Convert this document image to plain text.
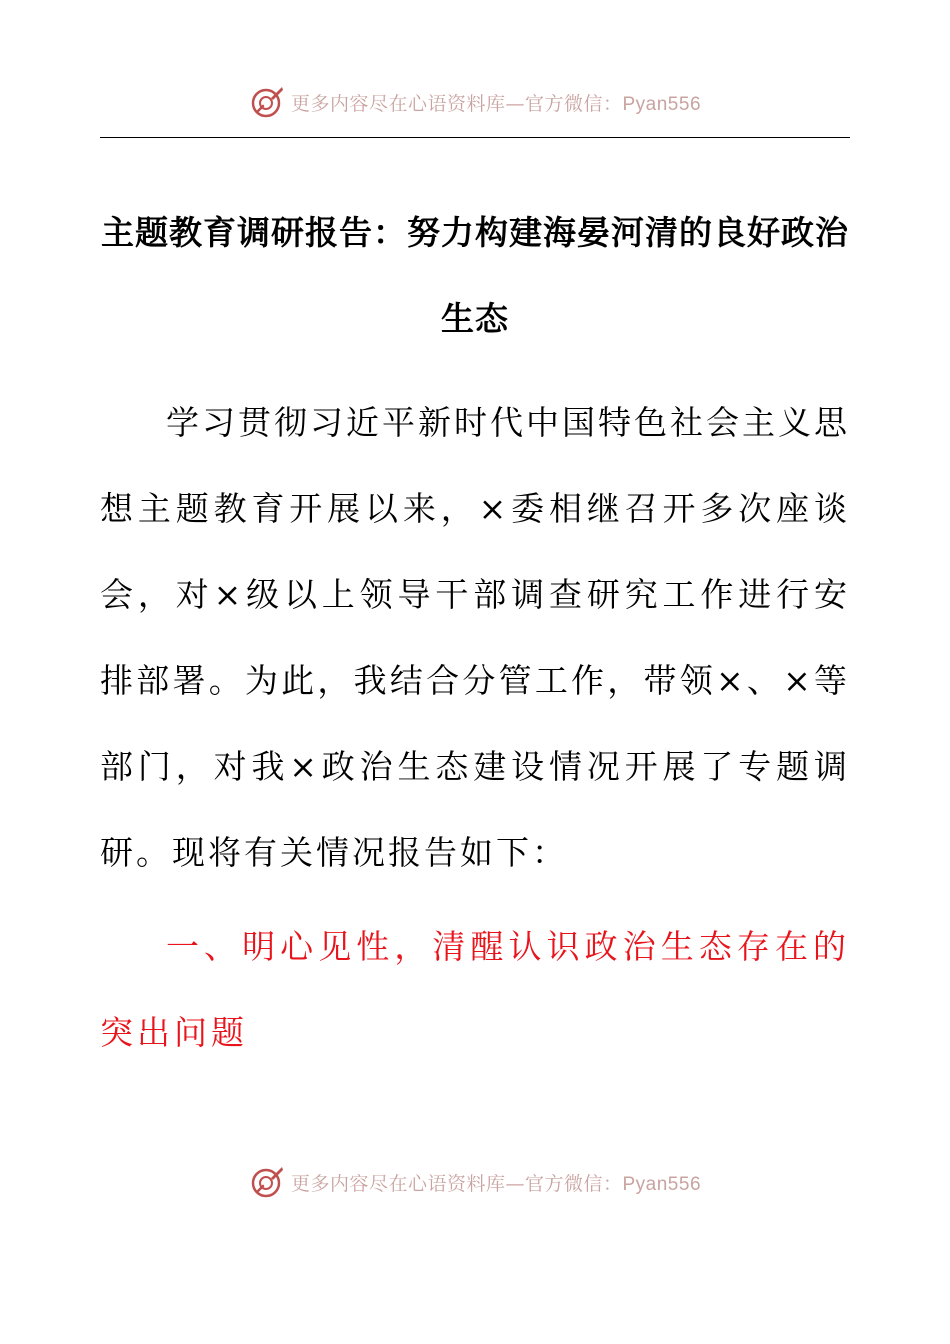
更多内容尽在心语资料库—官方微信：Pyan556
主题教育调研报告：努力构建海晏河清的良好政治生态

学习贯彻习近平新时代中国特色社会主义思想主题教育开展以来，×委相继召开多次座谈会，对×级以上领导干部调查研究工作进行安排部署。为此，我结合分管工作，带领×、×等部门，对我×政治生态建设情况开展了专题调研。现将有关情况报告如下：

一、明心见性，清醒认识政治生态存在的突出问题

更多内容尽在心语资料库—官方微信：Pyan556
